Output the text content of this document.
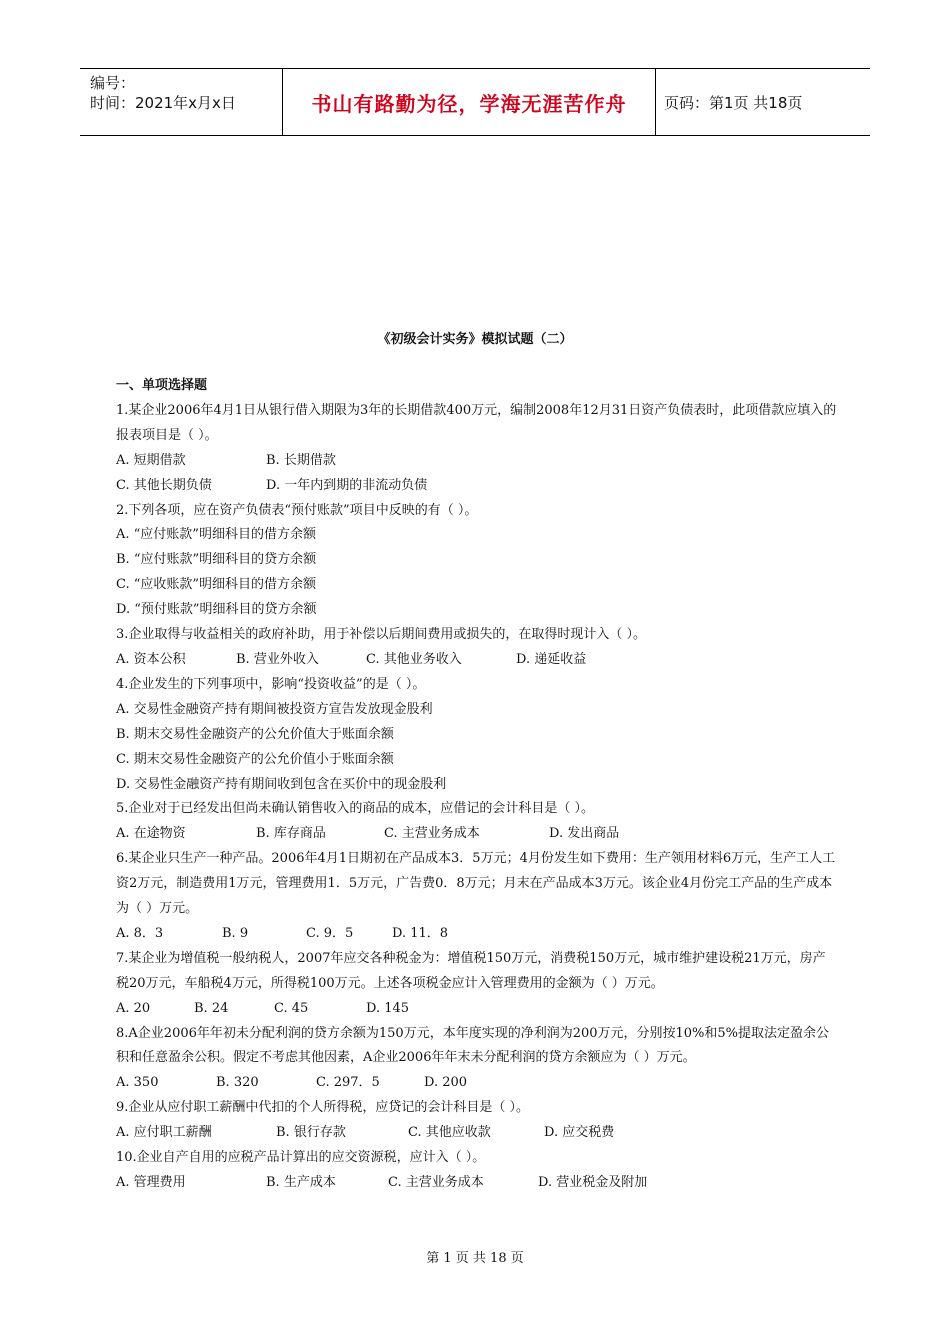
编号：
时间：2021年x月x日	书山有路勤为径，学海无涯苦作舟	页码：第1页 共18页
《初级会计实务》模拟试题（二）
一、单项选择题
1.某企业2006年4月1日从银行借入期限为3年的长期借款400万元，编制2008年12月31日资产负债表时，此项借款应填入的报表项目是（ ）。
A. 短期借款	B. 长期借款
C. 其他长期负债	D. 一年内到期的非流动负债
2.下列各项，应在资产负债表“预付账款”项目中反映的有（ ）。
A. “应付账款”明细科目的借方余额
B. “应付账款”明细科目的贷方余额
C. “应收账款”明细科目的借方余额
D. “预付账款”明细科目的贷方余额
3.企业取得与收益相关的政府补助，用于补偿以后期间费用或损失的，在取得时现计入（ ）。
A. 资本公积	B. 营业外收入	C. 其他业务收入	D. 递延收益
4.企业发生的下列事项中，影响“投资收益”的是（ ）。
A. 交易性金融资产持有期间被投资方宣告发放现金股利
B. 期末交易性金融资产的公允价值大于账面余额
C. 期末交易性金融资产的公允价值小于账面余额
D. 交易性金融资产持有期间收到包含在买价中的现金股利
5.企业对于已经发出但尚未确认销售收入的商品的成本，应借记的会计科目是（ ）。
A. 在途物资	B. 库存商品	C. 主营业务成本	D. 发出商品
6.某企业只生产一种产品。2006年4月1日期初在产品成本3．5万元；4月份发生如下费用：生产领用材料6万元，生产工人工资2万元，制造费用1万元，管理费用1．5万元，广告费0．8万元；月末在产品成本3万元。该企业4月份完工产品的生产成本为（ ）万元。
A. 8．3	B. 9	C. 9．5	D. 11．8
7.某企业为增值税一般纳税人，2007年应交各种税金为：增值税150万元，消费税150万元，城市维护建设税21万元，房产税20万元，车船税4万元，所得税100万元。上述各项税金应计入管理费用的金额为（ ）万元。
A. 20	B. 24	C. 45	D. 145
8.A企业2006年年初未分配利润的贷方余额为150万元，本年度实现的净利润为200万元，分别按10%和5%提取法定盈余公积和任意盈余公积。假定不考虑其他因素，A企业2006年年末未分配利润的贷方余额应为（ ）万元。
A. 350	B. 320	C. 297．5	D. 200
9.企业从应付职工薪酬中代扣的个人所得税，应贷记的会计科目是（ ）。
A. 应付职工薪酬	B. 银行存款	C. 其他应收款	D. 应交税费
10.企业自产自用的应税产品计算出的应交资源税，应计入（ ）。
A. 管理费用	B. 生产成本	C. 主营业务成本	D. 营业税金及附加
第 1 页 共 18 页
